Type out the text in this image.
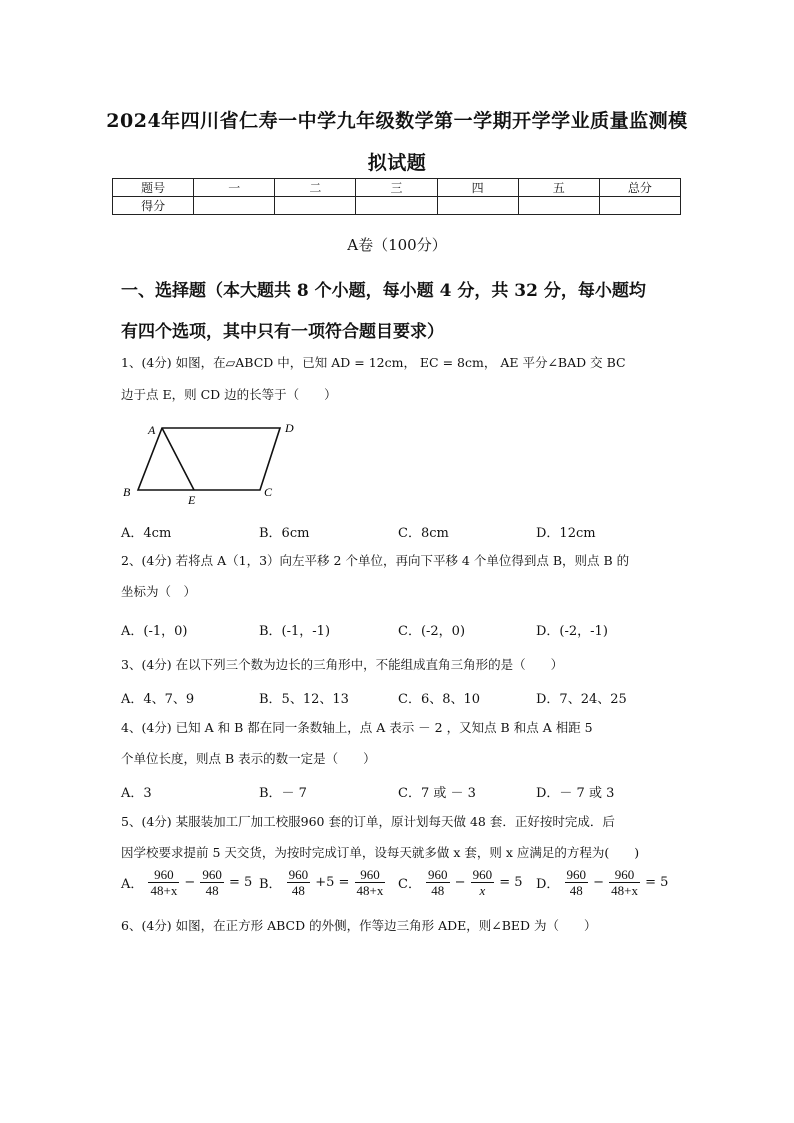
2024年四川省仁寿一中学九年级数学第一学期开学学业质量监测模
拟试题
题号	一	二	三	四	五	总分
得分						
A卷（100分）
一、选择题（本大题共 8 个小题，每小题 4 分，共 32 分，每小题均
有四个选项，其中只有一项符合题目要求）
1、(4分) 如图，在▱ABCD 中，已知 AD = 12cm， EC = 8cm， AE 平分∠BAD 交 BC
边于点 E，则 CD 边的长等于（　　）
A	D
B
E
C
A．4cm	B．6cm	C．8cm	D．12cm
2、(4分) 若将点 A（1，3）向左平移 2 个单位，再向下平移 4 个单位得到点 B，则点 B 的
坐标为（　）
A．(-1，0)	B．(-1，-1)	C．(-2，0)	D．(-2，-1)
3、(4分) 在以下列三个数为边长的三角形中，不能组成直角三角形的是（　　）
A．4、7、9	B．5、12、13	C．6、8、10	D．7、24、25
4、(4分) 已知 A 和 B 都在同一条数轴上，点 A 表示 － 2 ，又知点 B 和点 A 相距 5
个单位长度，则点 B 表示的数一定是（　　）
A．3	B．－ 7	C．7 或 － 3	D．－ 7 或 3
5、(4分) 某服装加工厂加工校服960 套的订单，原计划每天做 48 套．正好按时完成．后
因学校要求提前 5 天交货，为按时完成订单，设每天就多做 x 套，则 x 应满足的方程为(　　)
A． $\frac{960}{48+x} - \frac{960}{48} = 5$ B． $\frac{960}{48} +5 = \frac{960}{48+x}$ C． $\frac{960}{48} - \frac{960}{x} = 5$ D． $\frac{960}{48} - \frac{960}{48+x} = 5$
6、(4分) 如图，在正方形 ABCD 的外侧，作等边三角形 ADE，则∠BED 为（　　）
